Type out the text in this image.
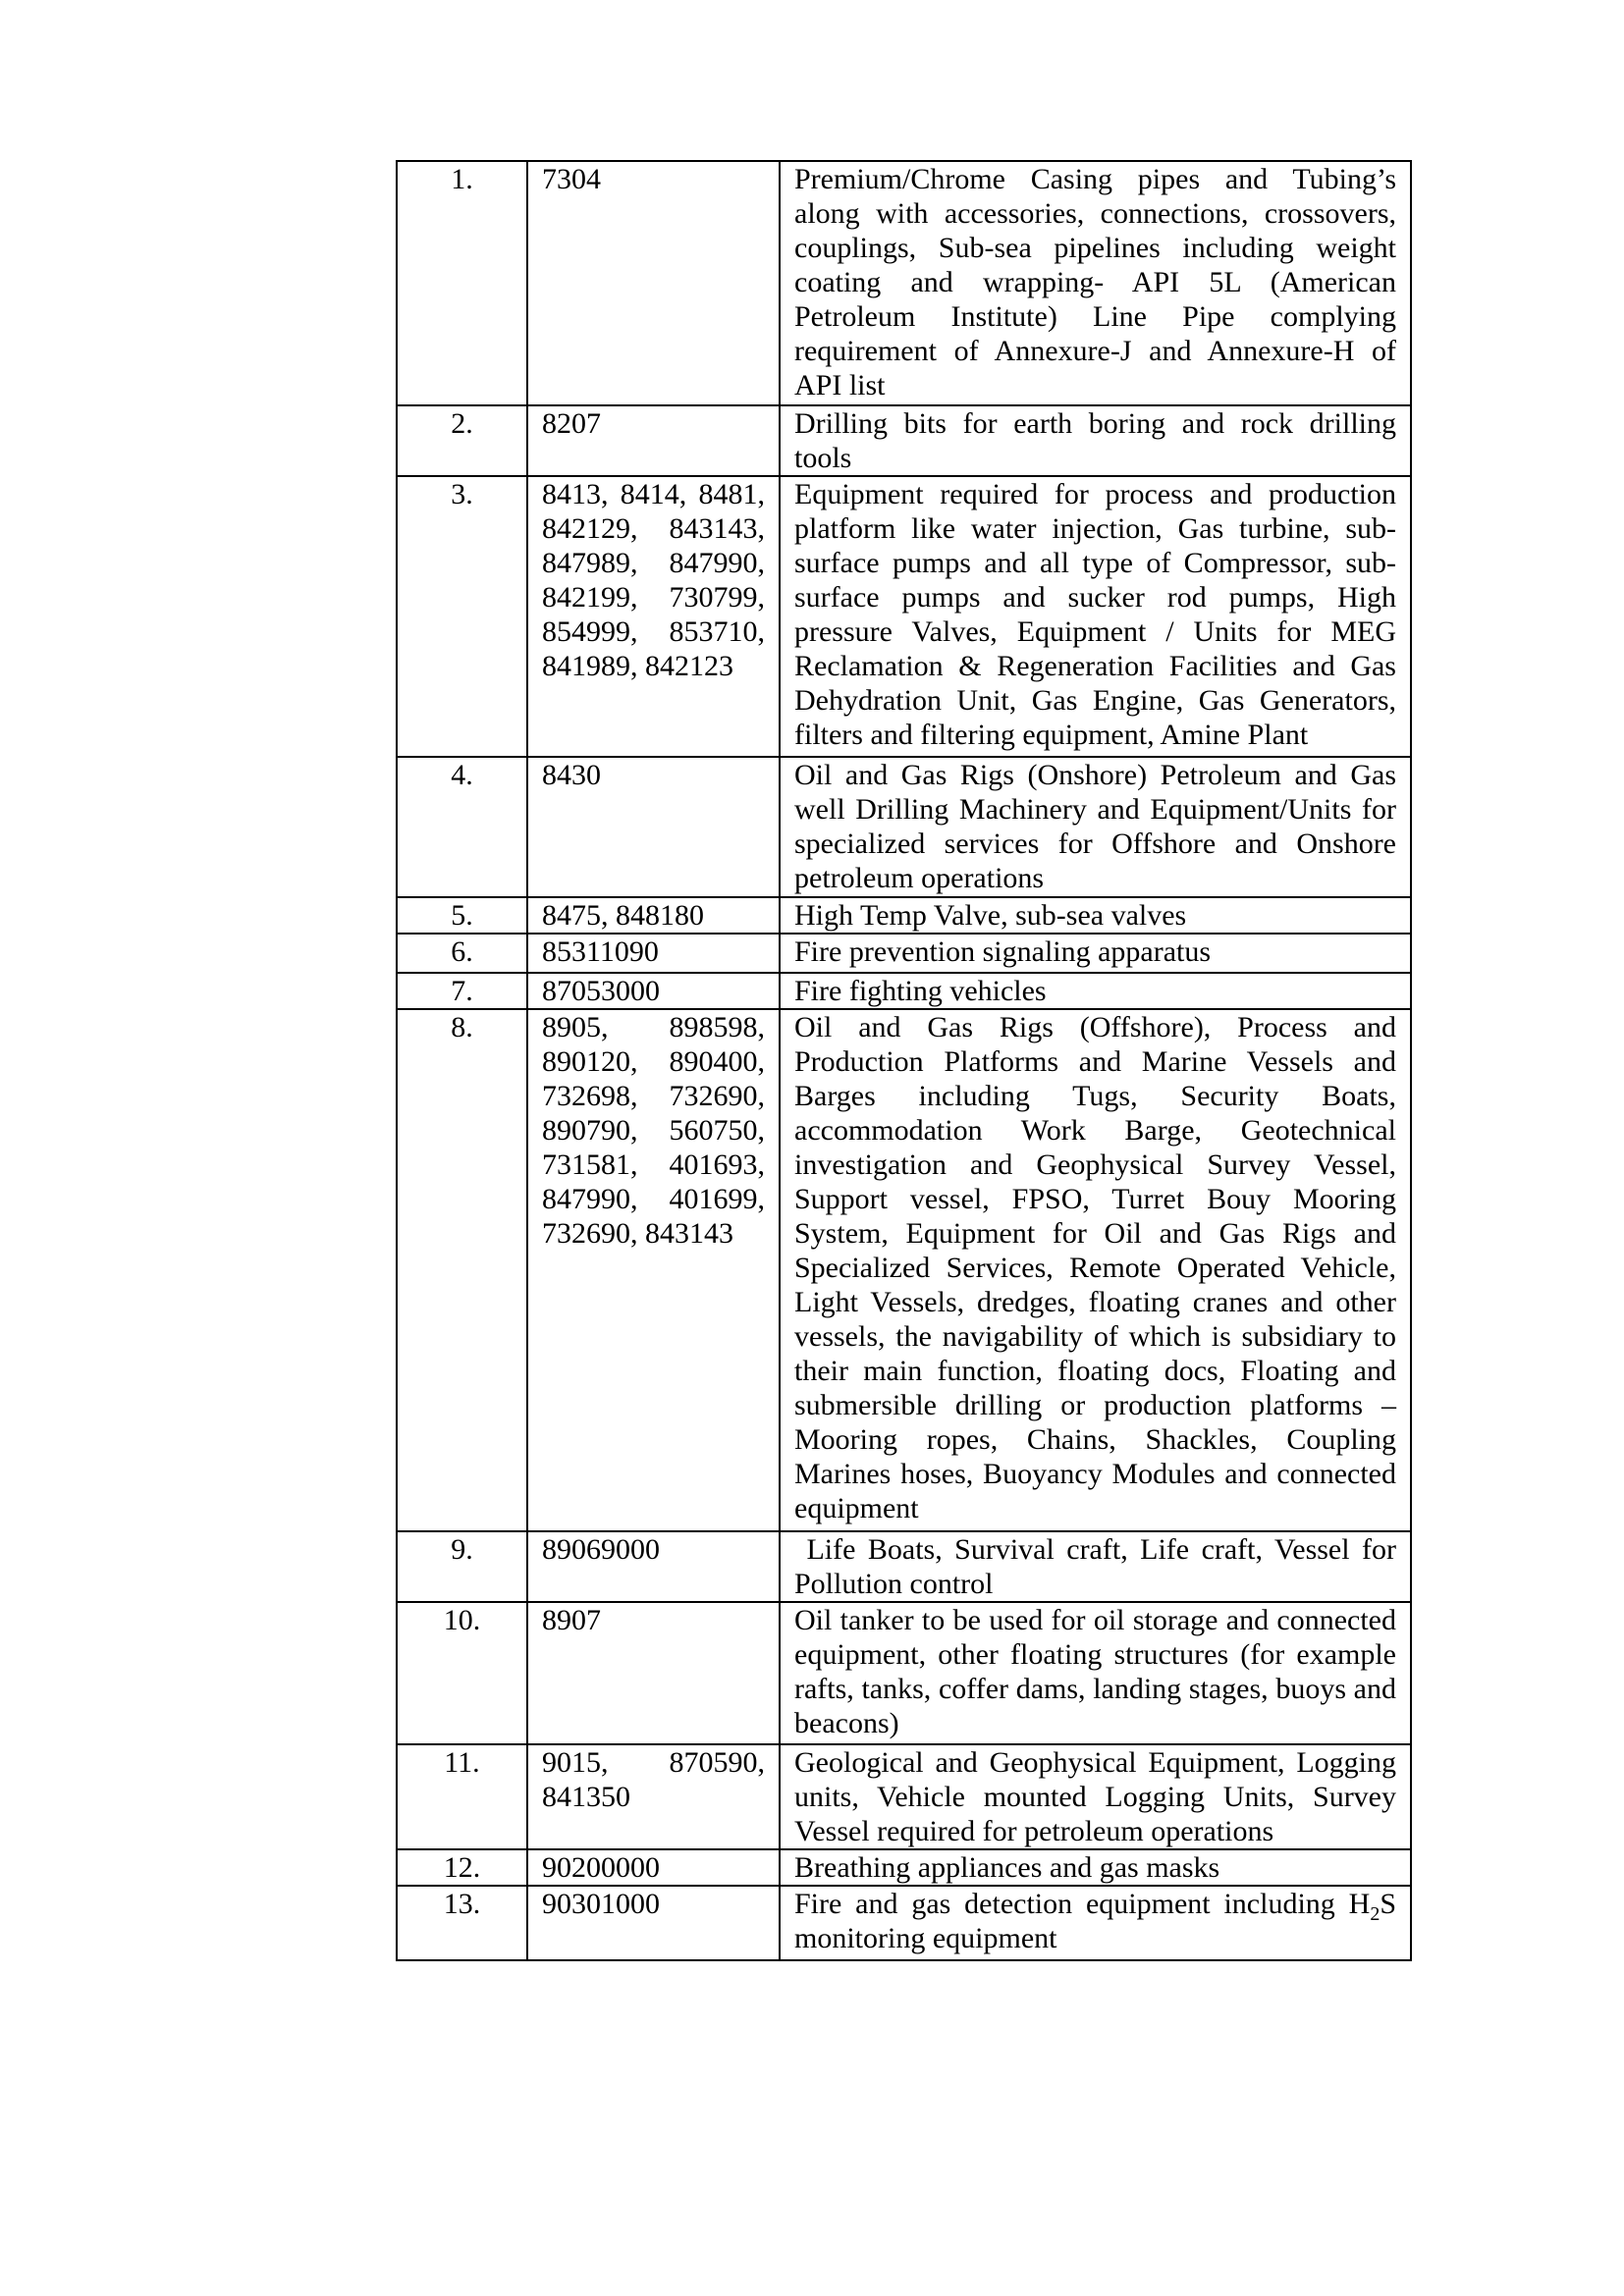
1.	7304	Premium/Chrome Casing pipes and Tubing’s along with accessories, connections, crossovers, couplings, Sub-sea pipelines including weight coating and wrapping- API 5L (American Petroleum Institute) Line Pipe complying requirement of Annexure-J and Annexure-H of API list
2.	8207	Drilling bits for earth boring and rock drilling tools
3.	8413, 8414, 8481, 842129, 843143, 847989, 847990, 842199, 730799, 854999, 853710, 841989, 842123	Equipment required for process and production platform like water injection, Gas turbine, sub-surface pumps and all type of Compressor, sub-surface pumps and sucker rod pumps, High pressure Valves, Equipment / Units for MEG Reclamation & Regeneration Facilities and Gas Dehydration Unit, Gas Engine, Gas Generators, filters and filtering equipment, Amine Plant
4.	8430	Oil and Gas Rigs (Onshore) Petroleum and Gas well Drilling Machinery and Equipment/Units for specialized services for Offshore and Onshore petroleum operations
5.	8475, 848180	High Temp Valve, sub-sea valves
6.	85311090	Fire prevention signaling apparatus
7.	87053000	Fire fighting vehicles
8.	8905, 898598, 890120, 890400, 732698, 732690, 890790, 560750, 731581, 401693, 847990, 401699, 732690, 843143	Oil and Gas Rigs (Offshore), Process and Production Platforms and Marine Vessels and Barges including Tugs, Security Boats, accommodation Work Barge, Geotechnical investigation and Geophysical Survey Vessel, Support vessel, FPSO, Turret Bouy Mooring System, Equipment for Oil and Gas Rigs and Specialized Services, Remote Operated Vehicle, Light Vessels, dredges, floating cranes and other vessels, the navigability of which is subsidiary to their main function, floating docs, Floating and submersible drilling or production platforms – Mooring ropes, Chains, Shackles, Coupling Marines hoses, Buoyancy Modules and connected equipment
9.	89069000	Life Boats, Survival craft, Life craft, Vessel for Pollution control
10.	8907	Oil tanker to be used for oil storage and connected equipment, other floating structures (for example rafts, tanks, coffer dams, landing stages, buoys and beacons)
11.	9015, 870590, 841350	Geological and Geophysical Equipment, Logging units, Vehicle mounted Logging Units, Survey Vessel required for petroleum operations
12.	90200000	Breathing appliances and gas masks
13.	90301000	Fire and gas detection equipment including $H_2S$ monitoring equipment
